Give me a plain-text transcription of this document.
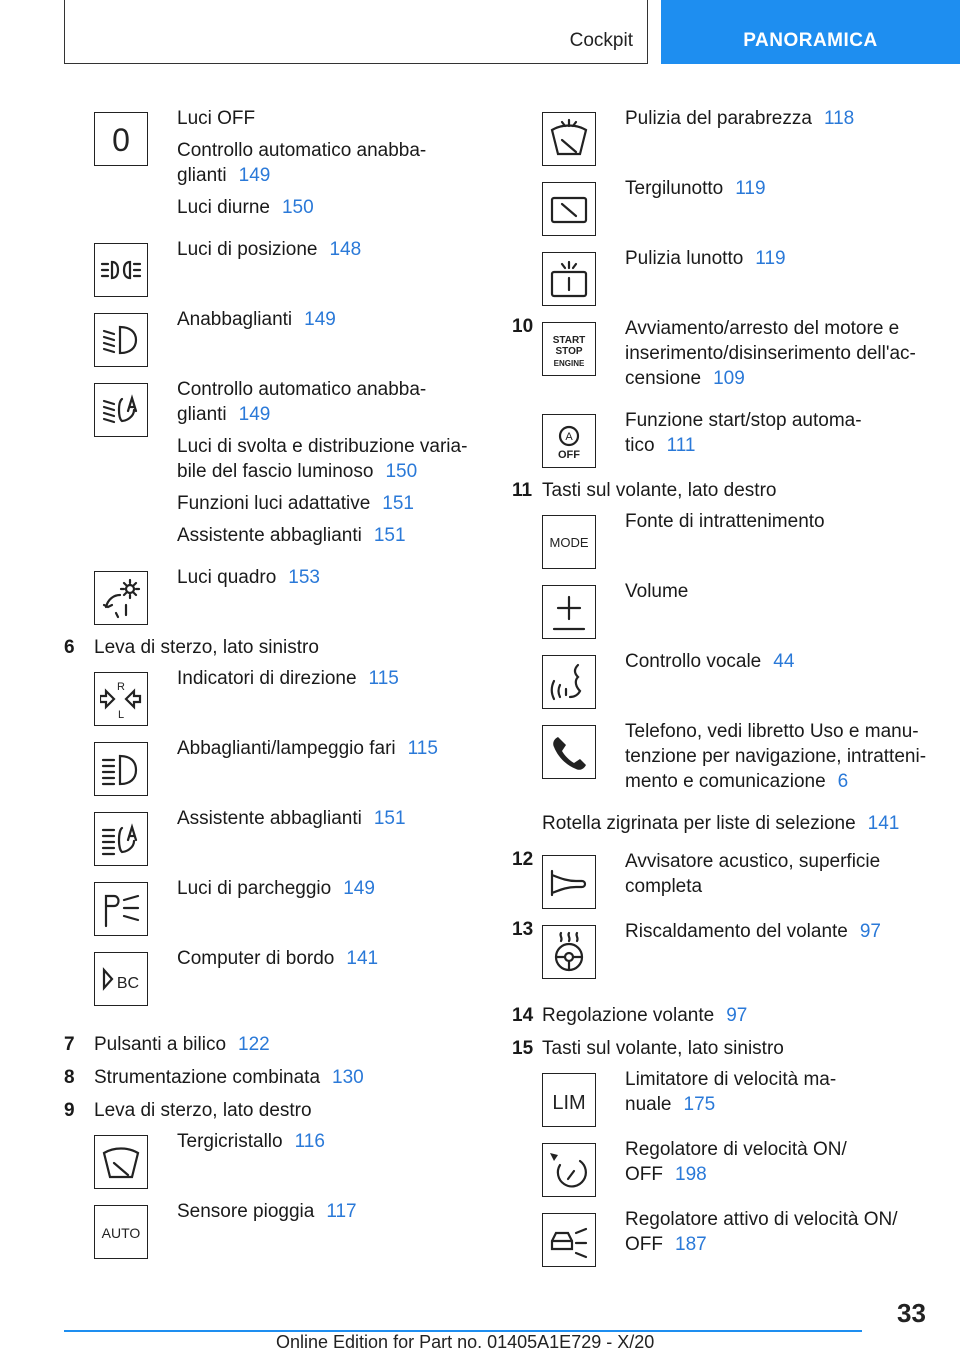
Cockpit	PANORAMICA
0
Luci OFF
Controllo automatico anabba-
glianti 149
Luci diurne 150
Luci di posizione 148
Anabbaglianti 149
Controllo automatico anabba-
glianti 149
Luci di svolta e distribuzione varia-
bile del fascio luminoso 150
Funzioni luci adattative 151
Assistente abbaglianti 151
Luci quadro 153
6 Leva di sterzo, lato sinistro
R
L
Indicatori di direzione 115
Abbaglianti/lampeggio fari 115
Assistente abbaglianti 151
Luci di parcheggio 149
BC
Computer di bordo 141
7 Pulsanti a bilico 122
8 Strumentazione combinata 130
9 Leva di sterzo, lato destro
Tergicristallo 116
AUTO
Sensore pioggia 117
Pulizia del parabrezza 118
Tergilunotto 119
Pulizia lunotto 119
10
START
STOP
ENGINE
Avviamento/arresto del motore e
inserimento/disinserimento dell'ac-
censione 109
A
OFF
Funzione start/stop automa-
tico 111
11 Tasti sul volante, lato destro
MODE
Fonte di intrattenimento
Volume
Controllo vocale 44
Telefono, vedi libretto Uso e manu-
tenzione per navigazione, intratteni-
mento e comunicazione 6
Rotella zigrinata per liste di selezione 141
12	Avvisatore acustico, superficie
completa
13	Riscaldamento del volante 97
14 Regolazione volante 97
15 Tasti sul volante, lato sinistro
LIM
Limitatore di velocità ma-
nuale 175
Regolatore di velocità ON/
OFF 198
Regolatore attivo di velocità ON/
OFF 187
33
Online Edition for Part no. 01405A1E729 - X/20
